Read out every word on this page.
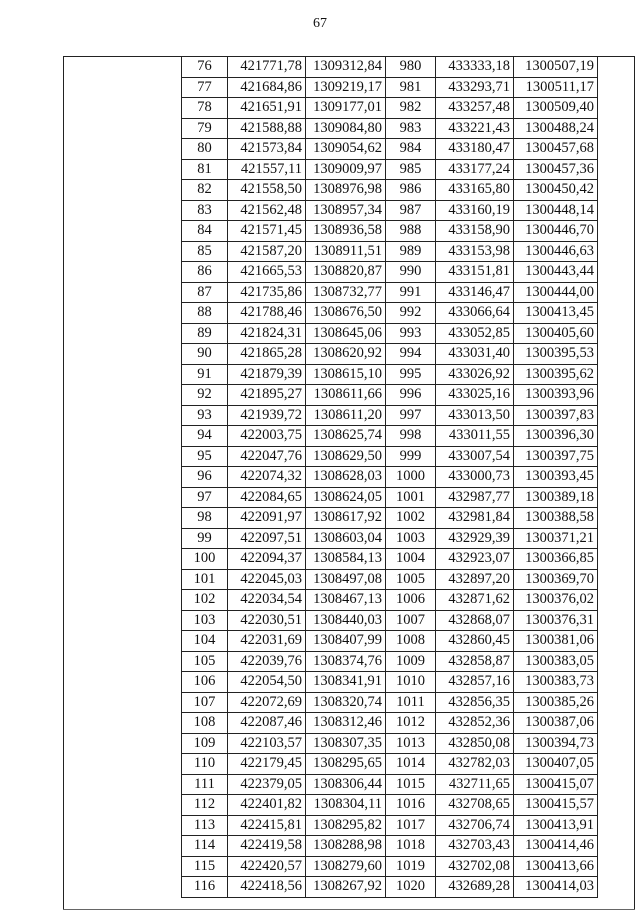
67
76	421771,78	1309312,84	980	433333,18	1300507,19
77	421684,86	1309219,17	981	433293,71	1300511,17
78	421651,91	1309177,01	982	433257,48	1300509,40
79	421588,88	1309084,80	983	433221,43	1300488,24
80	421573,84	1309054,62	984	433180,47	1300457,68
81	421557,11	1309009,97	985	433177,24	1300457,36
82	421558,50	1308976,98	986	433165,80	1300450,42
83	421562,48	1308957,34	987	433160,19	1300448,14
84	421571,45	1308936,58	988	433158,90	1300446,70
85	421587,20	1308911,51	989	433153,98	1300446,63
86	421665,53	1308820,87	990	433151,81	1300443,44
87	421735,86	1308732,77	991	433146,47	1300444,00
88	421788,46	1308676,50	992	433066,64	1300413,45
89	421824,31	1308645,06	993	433052,85	1300405,60
90	421865,28	1308620,92	994	433031,40	1300395,53
91	421879,39	1308615,10	995	433026,92	1300395,62
92	421895,27	1308611,66	996	433025,16	1300393,96
93	421939,72	1308611,20	997	433013,50	1300397,83
94	422003,75	1308625,74	998	433011,55	1300396,30
95	422047,76	1308629,50	999	433007,54	1300397,75
96	422074,32	1308628,03	1000	433000,73	1300393,45
97	422084,65	1308624,05	1001	432987,77	1300389,18
98	422091,97	1308617,92	1002	432981,84	1300388,58
99	422097,51	1308603,04	1003	432929,39	1300371,21
100	422094,37	1308584,13	1004	432923,07	1300366,85
101	422045,03	1308497,08	1005	432897,20	1300369,70
102	422034,54	1308467,13	1006	432871,62	1300376,02
103	422030,51	1308440,03	1007	432868,07	1300376,31
104	422031,69	1308407,99	1008	432860,45	1300381,06
105	422039,76	1308374,76	1009	432858,87	1300383,05
106	422054,50	1308341,91	1010	432857,16	1300383,73
107	422072,69	1308320,74	1011	432856,35	1300385,26
108	422087,46	1308312,46	1012	432852,36	1300387,06
109	422103,57	1308307,35	1013	432850,08	1300394,73
110	422179,45	1308295,65	1014	432782,03	1300407,05
111	422379,05	1308306,44	1015	432711,65	1300415,07
112	422401,82	1308304,11	1016	432708,65	1300415,57
113	422415,81	1308295,82	1017	432706,74	1300413,91
114	422419,58	1308288,98	1018	432703,43	1300414,46
115	422420,57	1308279,60	1019	432702,08	1300413,66
116	422418,56	1308267,92	1020	432689,28	1300414,03
